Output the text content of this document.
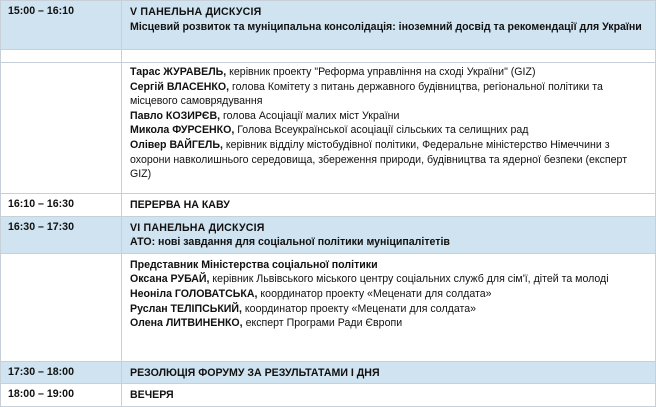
15:00 – 16:10	V ПАНЕЛЬНА ДИСКУСІЯ
Місцевий розвиток та муніципальна консолідація: іноземний досвід та рекомендації для України

	Тарас ЖУРАВЕЛЬ, керівник проекту "Реформа управління на сході України" (GIZ)
Сергій ВЛАСЕНКО, голова Комітету з питань державного будівництва, регіональної політики та місцевого самоврядування
Павло КОЗИРЄВ, голова Асоціації малих міст України
Микола ФУРСЕНКО, Голова Всеукраїнської асоціації сільських та селищних рад
Олівер ВАЙГЕЛЬ, керівник відділу містобудівної політики, Федеральне міністерство Німеччини з охорони навколишнього середовища, збереження природи, будівництва та ядерної безпеки (експерт GIZ)

16:10 – 16:30	ПЕРЕРВА НА КАВУ
16:30 – 17:30	VI ПАНЕЛЬНА ДИСКУСІЯ
АТО: нові завдання для соціальної політики муніципалітетів

	Представник Міністерства соціальної політики
Оксана РУБАЙ, керівник Львівського міського центру соціальних служб для сім'ї, дітей та молоді
Неоніла ГОЛОВАТСЬКА, координатор проекту «Меценати для солдата»
Руслан ТЕЛІПСЬКИЙ, координатор проекту «Меценати для солдата»
Олена ЛИТВИНЕНКО, експерт Програми Ради Європи

17:30 – 18:00	РЕЗОЛЮЦІЯ ФОРУМУ ЗА РЕЗУЛЬТАТАМИ І ДНЯ
18:00 – 19:00	ВЕЧЕРЯ
